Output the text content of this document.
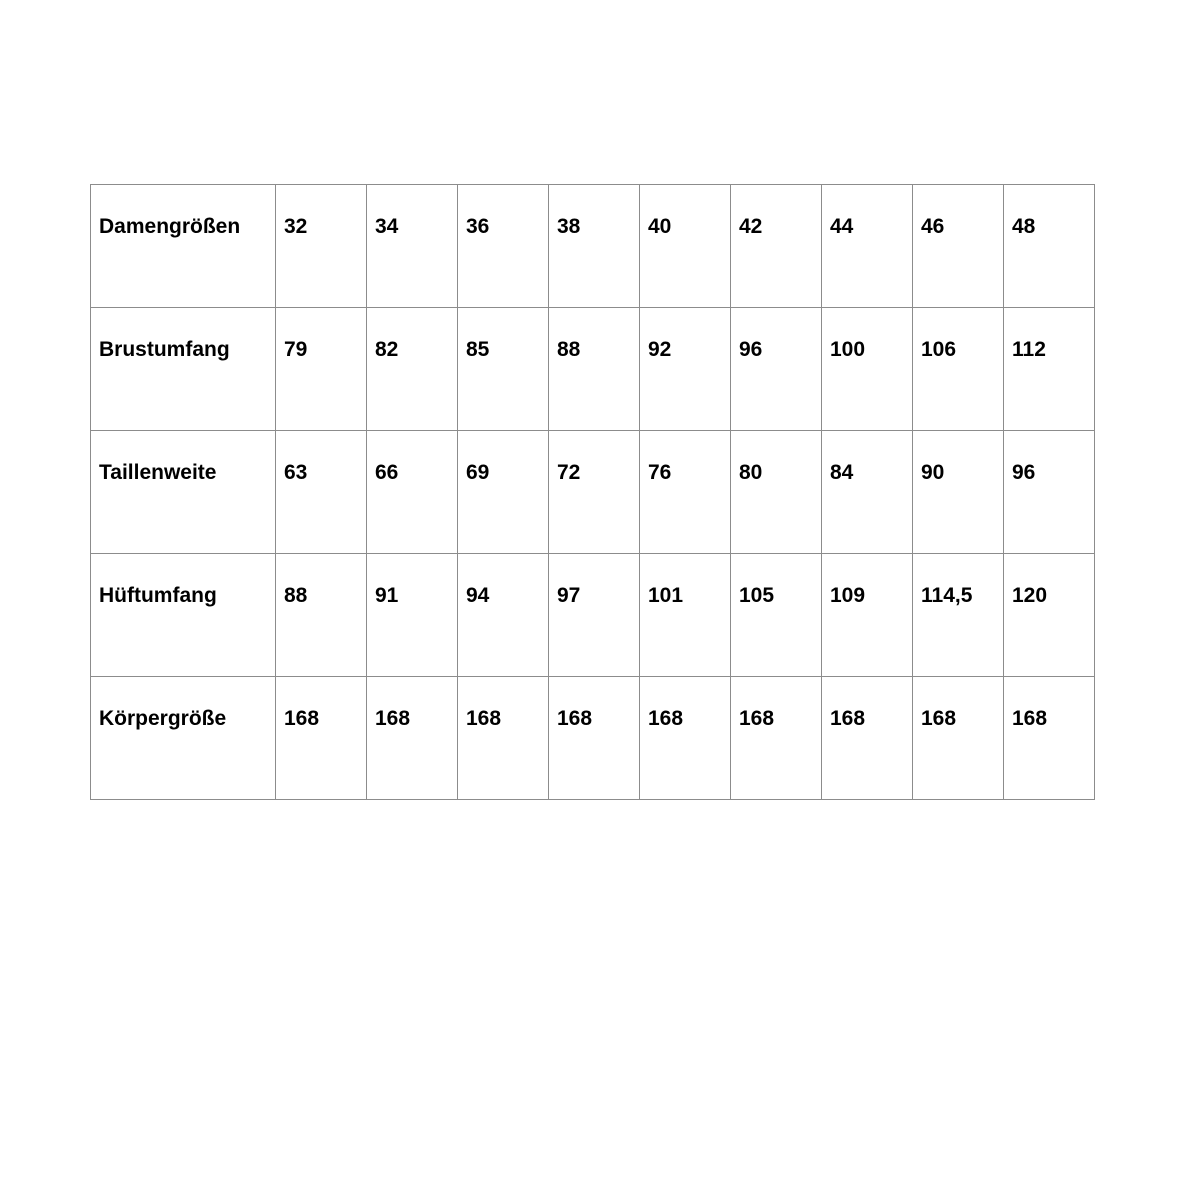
Damengrößen	32	34	36	38	40	42	44	46	48

Brustumfang	79	82	85	88	92	96	100	106	112

Taillenweite	63	66	69	72	76	80	84	90	96

Hüftumfang	88	91	94	97	101	105	109	114,5	120

Körpergröße	168	168	168	168	168	168	168	168	168
